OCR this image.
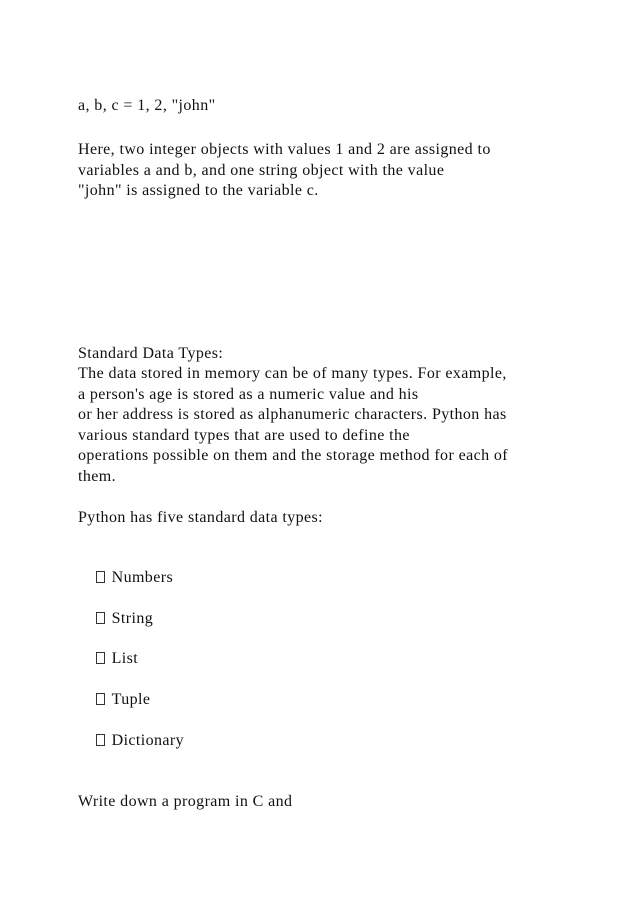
a, b, c = 1, 2, "john"
Here, two integer objects with values 1 and 2 are assigned to
variables a and b, and one string object with the value
"john" is assigned to the variable c.
Standard Data Types:
The data stored in memory can be of many types. For example,
a person's age is stored as a numeric value and his
or her address is stored as alphanumeric characters. Python has
various standard types that are used to define the
operations possible on them and the storage method for each of
them.
Python has five standard data types:

Numbers

String

List

Tuple

Dictionary

Write down a program in C and
